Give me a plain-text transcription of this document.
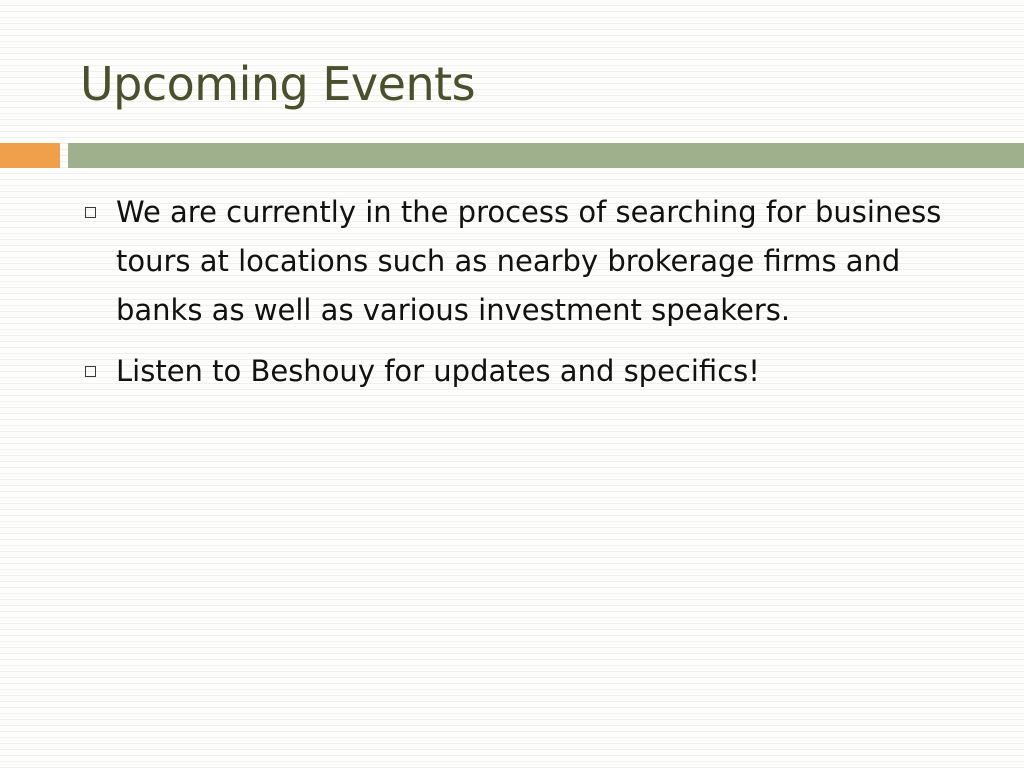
Upcoming Events
We are currently in the process of searching for business tours at locations such as nearby brokerage firms and banks as well as various investment speakers.
Listen to Beshouy for updates and specifics!
